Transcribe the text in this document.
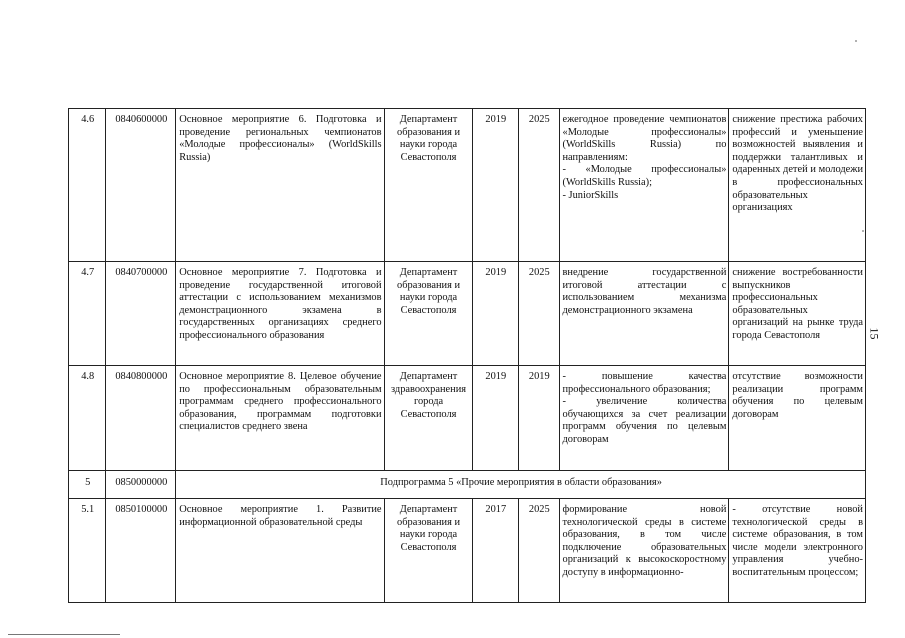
4.6	0840600000	Основное мероприятие 6. Подготовка и проведение региональных чемпионатов «Молодые профессионалы» (WorldSkills Russia)	Департамент образования и науки города Севастополя	2019	2025	ежегодное проведение чемпионатов «Молодые профессионалы» (WorldSkills Russia) по направлениям:
- «Молодые профессионалы» (WorldSkills Russia);
- JuniorSkills	снижение престижа рабочих профессий и уменьшение возможностей выявления и поддержки талантливых и одаренных детей и молодежи в профессиональных образовательных организациях
4.7	0840700000	Основное мероприятие 7. Подготовка и проведение государственной итоговой аттестации с использованием механизмов демонстрационного экзамена в государственных организациях среднего профессионального образования	Департамент образования и науки города Севастополя	2019	2025	внедрение государственной итоговой аттестации с использованием механизма демонстрационного экзамена	снижение востребованности выпускников профессиональных образовательных организаций на рынке труда города Севастополя
4.8	0840800000	Основное мероприятие 8. Целевое обучение по профессиональным образовательным программам среднего профессионального образования, программам подготовки специалистов среднего звена	Департамент здравоохранения города Севастополя	2019	2019	- повышение качества профессионального образования;
- увеличение количества обучающихся за счет реализации программ обучения по целевым договорам	отсутствие возможности реализации программ обучения по целевым договорам
5	0850000000	Подпрограмма 5 «Прочие мероприятия в области образования»					
5.1	0850100000	Основное мероприятие 1. Развитие информационной образовательной среды	Департамент образования и науки города Севастополя	2017	2025	формирование новой технологической среды в системе образования, в том числе подключение образовательных организаций к высокоскоростному доступу в информационно-	- отсутствие новой технологической среды в системе образования, в том числе модели электронного управления учебно-воспитательным процессом;
15
